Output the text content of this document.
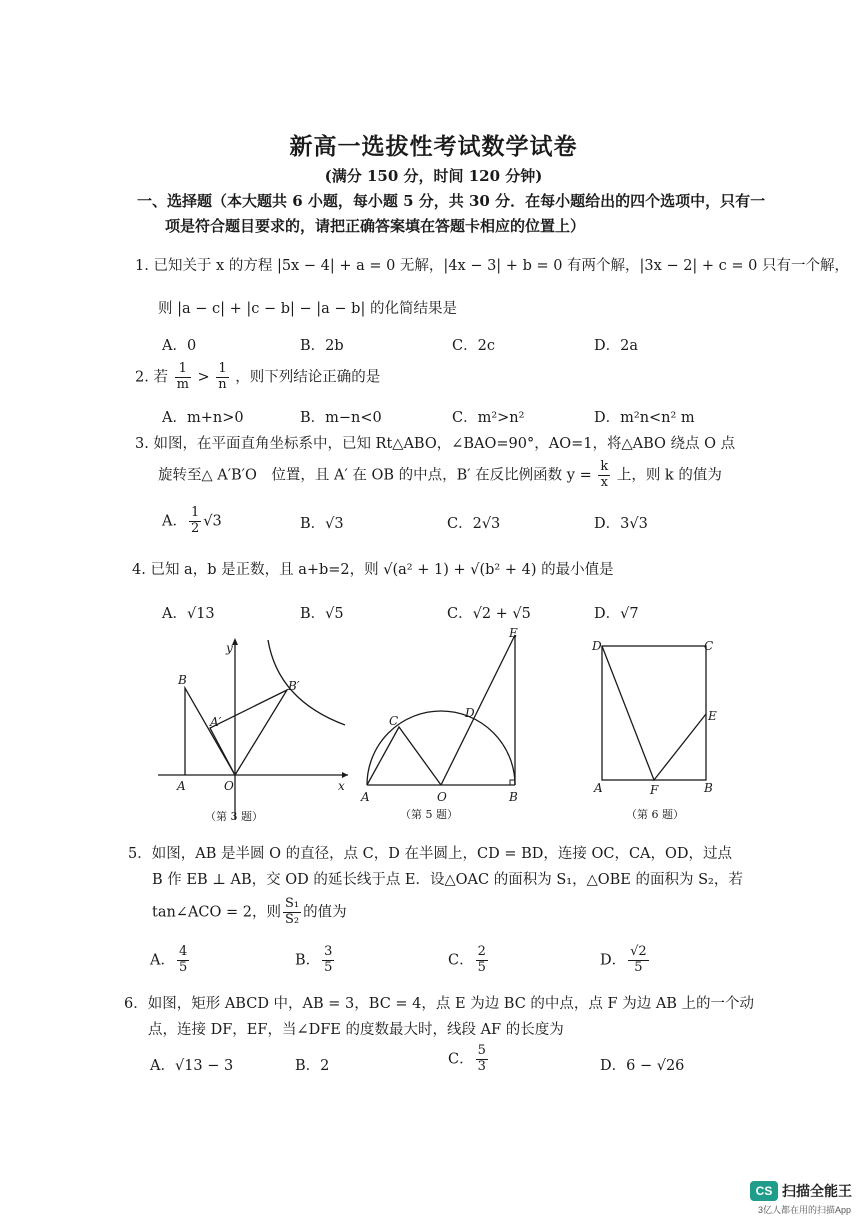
新高一选拔性考试数学试卷
(满分 150 分，时间 120 分钟)
一、选择题（本大题共 6 小题，每小题 5 分，共 30 分．在每小题给出的四个选项中，只有一
项是符合题目要求的，请把正确答案填在答题卡相应的位置上）
1. 已知关于 x 的方程 |5x − 4| + a = 0 无解，|4x − 3| + b = 0 有两个解，|3x − 2| + c = 0 只有一个解，
则 |a − c| + |c − b| − |a − b| 的化简结果是
A．0	B．2b	C．2c	D．2a
2. 若 $\frac{1}{m} > \frac{1}{n}$ ，则下列结论正确的是
A．m+n>0	B．m−n<0	C．m²>n²	D．m²n<n² m
3. 如图，在平面直角坐标系中，已知 Rt△ABO，∠BAO=90°，AO=1，将△ABO 绕点 O 点
旋转至△ A′B′O　位置，且 A′ 在 OB 的中点，B′ 在反比例函数 $y = \frac{k}{x}$ 上，则 k 的值为
A． $\frac{1}{2} √3$	B．√3	C．2√3	D．3√3
4. 已知 a，b 是正数，且 a+b=2，则 √(a² + 1) + √(b² + 4) 的最小值是
A．√13	B．√5	C．√2 + √5	D．√7
y
x
B	B′
A′
A	O
（第 3 题）
E
D
C
A	O	B
（第 5 题）
D	C
E
A	F	B
（第 6 题）
5．如图，AB 是半圆 O 的直径，点 C，D 在半圆上，CD = BD，连接 OC，CA，OD，过点
B 作 EB ⊥ AB，交 OD 的延长线于点 E．设△OAC 的面积为 S₁，△OBE 的面积为 S₂，若
tan∠ACO = 2，则 $\frac{\text{S₁}}{\text{S₂}}$ 的值为
A． $\frac{4}{5}$	B． $\frac{3}{5}$	C． $\frac{2}{5}$	D． $\frac{√2}{5}$
6．如图，矩形 ABCD 中，AB = 3，BC = 4，点 E 为边 BC 的中点，点 F 为边 AB 上的一个动
点，连接 DF，EF，当∠DFE 的度数最大时，线段 AF 的长度为
A．√13 − 3	B．2	C． $\frac{5}{3}$	D．6 − √26
CS 扫描全能王
3亿人都在用的扫描App
